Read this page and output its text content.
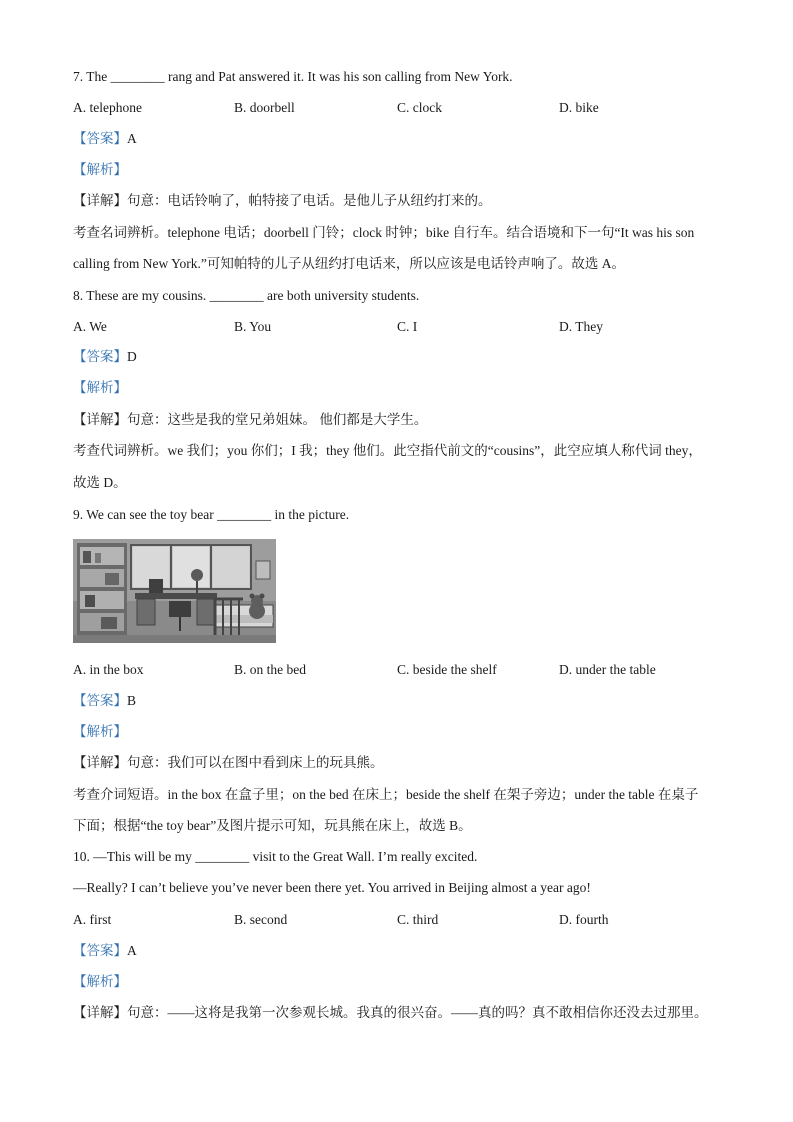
7. The ________ rang and Pat answered it. It was his son calling from New York.
A. telephone	B. doorbell	C. clock	D. bike
【答案】A
【解析】
【详解】句意：电话铃响了，帕特接了电话。是他儿子从纽约打来的。
考查名词辨析。telephone 电话；doorbell 门铃；clock 时钟；bike 自行车。结合语境和下一句“It was his son
calling from New York.”可知帕特的儿子从纽约打电话来，所以应该是电话铃声响了。故选 A。
8. These are my cousins. ________ are both university students.
A. We	B. You	C. I	D. They
【答案】D
【解析】
【详解】句意：这些是我的堂兄弟姐妹。 他们都是大学生。
考查代词辨析。we 我们；you 你们；I 我；they 他们。此空指代前文的“cousins”，此空应填人称代词 they，
故选 D。
9. We can see the toy bear ________ in the picture.
A. in the box	B. on the bed	C. beside the shelf	D. under the table
【答案】B
【解析】
【详解】句意：我们可以在图中看到床上的玩具熊。
考查介词短语。in the box 在盒子里；on the bed 在床上；beside the shelf 在架子旁边；under the table 在桌子
下面；根据“the toy bear”及图片提示可知，玩具熊在床上，故选 B。
10. —This will be my ________ visit to the Great Wall. I’m really excited.
—Really? I can’t believe you’ve never been there yet. You arrived in Beijing almost a year ago!
A. first	B. second	C. third	D. fourth
【答案】A
【解析】
【详解】句意：——这将是我第一次参观长城。我真的很兴奋。——真的吗？真不敢相信你还没去过那里。
